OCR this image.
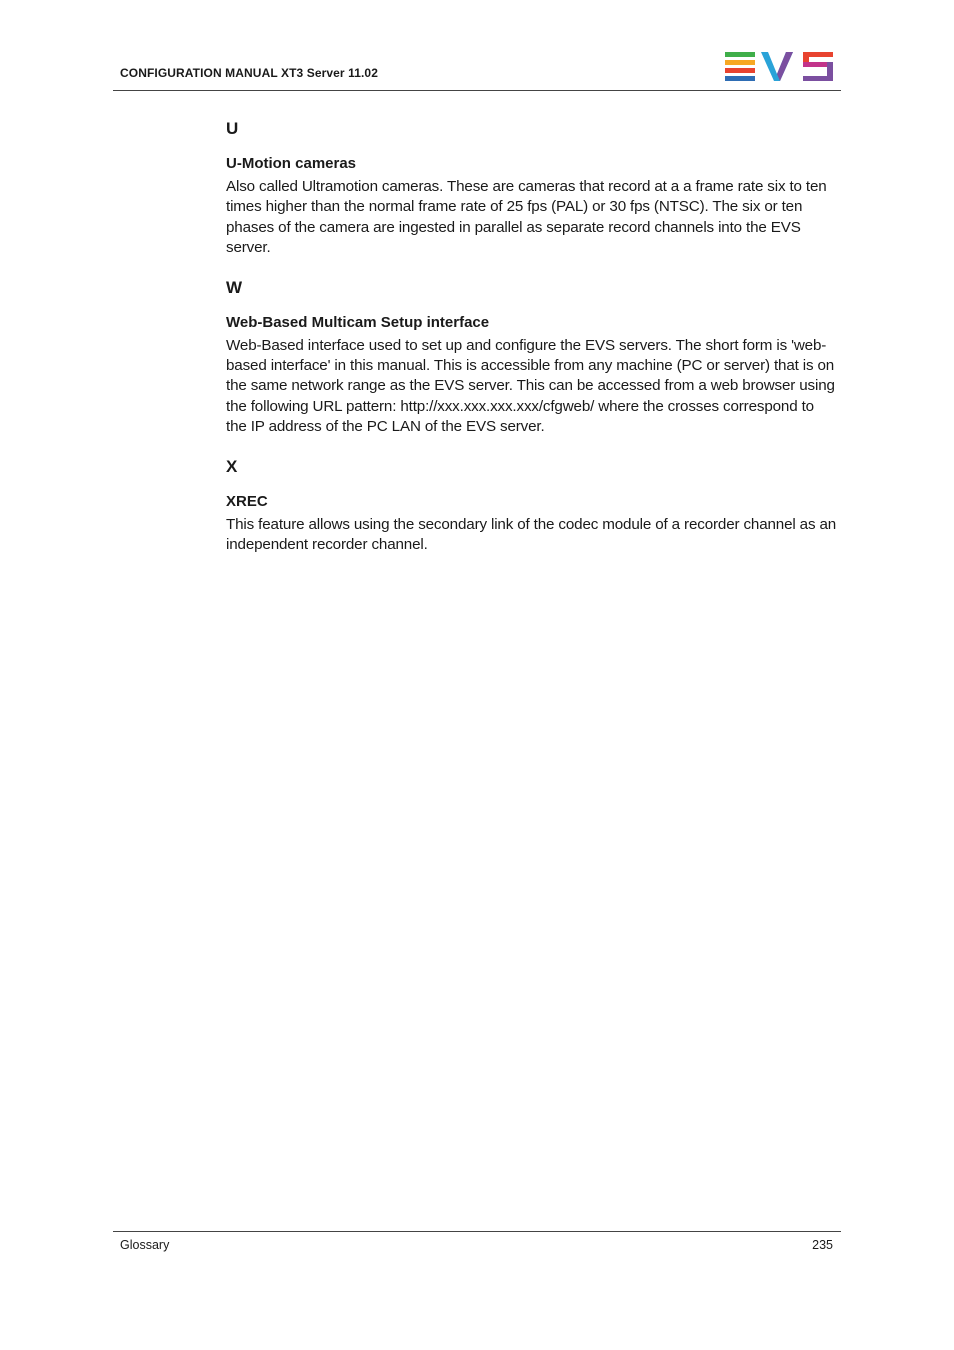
CONFIGURATION MANUAL XT3 Server 11.02

U

U-Motion cameras

Also called Ultramotion cameras. These are cameras that record at a a frame rate six to ten times higher than the normal frame rate of 25 fps (PAL) or 30 fps (NTSC). The six or ten phases of the camera are ingested in parallel as separate record channels into the EVS server.

W

Web-Based Multicam Setup interface

Web-Based interface used to set up and configure the EVS servers. The short form is 'web-based interface' in this manual. This is accessible from any machine (PC or server) that is on the same network range as the EVS server. This can be accessed from a web browser using the following URL pattern: http://xxx.xxx.xxx.xxx/cfgweb/ where the crosses correspond to the IP address of the PC LAN of the EVS server.

X

XREC

This feature allows using the secondary link of the codec module of a recorder channel as an independent recorder channel.

Glossary	235
